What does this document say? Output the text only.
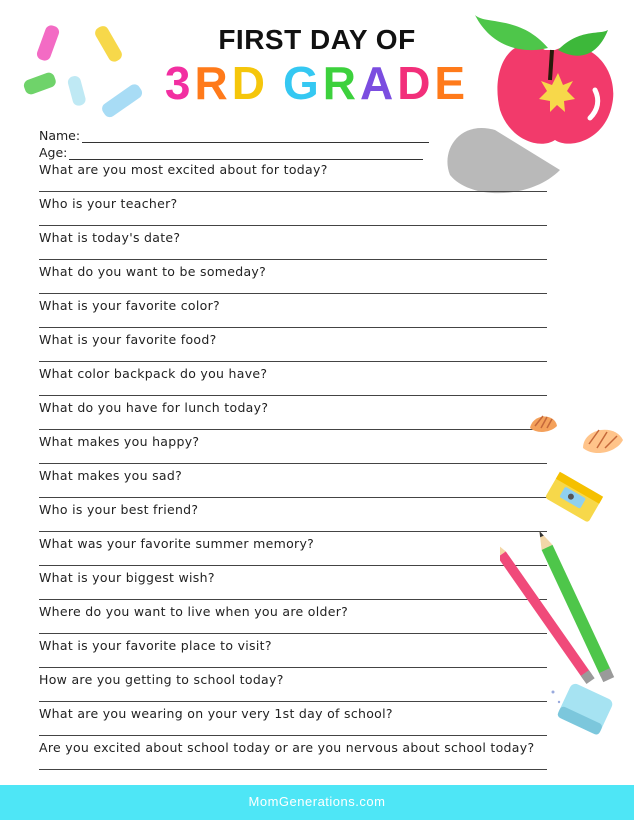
FIRST DAY OF
3RD GRADE
Name:
Age:
What are you most excited about for today?
Who is your teacher?
What is today's date?
What do you want to be someday?
What is your favorite color?
What is your favorite food?
What color backpack do you have?
What do you have for lunch today?
What makes you happy?
What makes you sad?
Who is your best friend?
What was your favorite summer memory?
What is your biggest wish?
Where do you want to live when you are older?
What is your favorite place to visit?
How are you getting to school today?
What are you wearing on your very 1st day of school?
Are you excited about school today or are you nervous about school today?
MomGenerations.com
